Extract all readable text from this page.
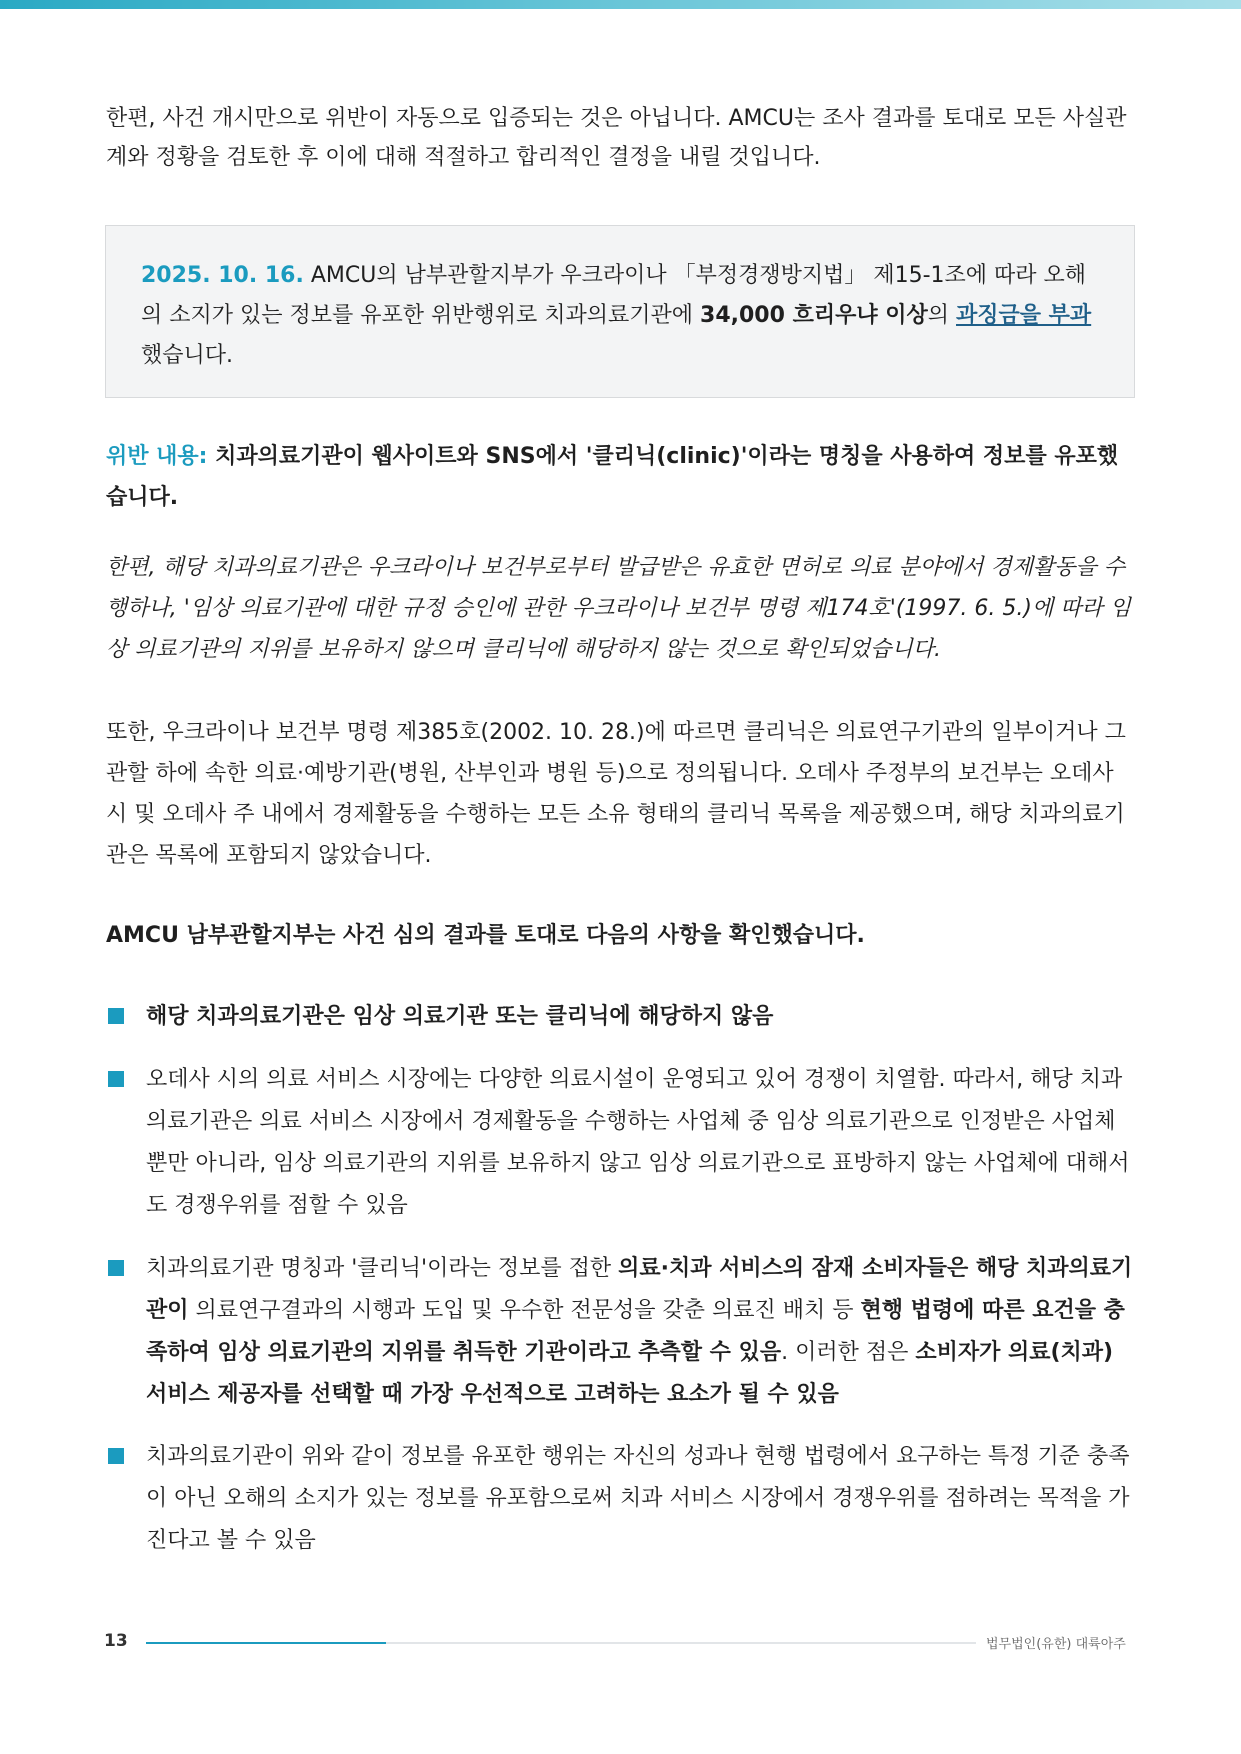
한편, 사건 개시만으로 위반이 자동으로 입증되는 것은 아닙니다. AMCU는 조사 결과를 토대로 모든 사실관계와 정황을 검토한 후 이에 대해 적절하고 합리적인 결정을 내릴 것입니다.

2025. 10. 16. AMCU의 남부관할지부가 우크라이나 「부정경쟁방지법」 제15-1조에 따라 오해의 소지가 있는 정보를 유포한 위반행위로 치과의료기관에 34,000 흐리우냐 이상의 과징금을 부과했습니다.

위반 내용: 치과의료기관이 웹사이트와 SNS에서 '클리닉(clinic)'이라는 명칭을 사용하여 정보를 유포했습니다.

한편, 해당 치과의료기관은 우크라이나 보건부로부터 발급받은 유효한 면허로 의료 분야에서 경제활동을 수행하나, '임상 의료기관에 대한 규정 승인에 관한 우크라이나 보건부 명령 제174호'(1997. 6. 5.)에 따라 임상 의료기관의 지위를 보유하지 않으며 클리닉에 해당하지 않는 것으로 확인되었습니다.

또한, 우크라이나 보건부 명령 제385호(2002. 10. 28.)에 따르면 클리닉은 의료연구기관의 일부이거나 그 관할 하에 속한 의료·예방기관(병원, 산부인과 병원 등)으로 정의됩니다. 오데사 주정부의 보건부는 오데사 시 및 오데사 주 내에서 경제활동을 수행하는 모든 소유 형태의 클리닉 목록을 제공했으며, 해당 치과의료기관은 목록에 포함되지 않았습니다.

AMCU 남부관할지부는 사건 심의 결과를 토대로 다음의 사항을 확인했습니다.

해당 치과의료기관은 임상 의료기관 또는 클리닉에 해당하지 않음

오데사 시의 의료 서비스 시장에는 다양한 의료시설이 운영되고 있어 경쟁이 치열함. 따라서, 해당 치과의료기관은 의료 서비스 시장에서 경제활동을 수행하는 사업체 중 임상 의료기관으로 인정받은 사업체뿐만 아니라, 임상 의료기관의 지위를 보유하지 않고 임상 의료기관으로 표방하지 않는 사업체에 대해서도 경쟁우위를 점할 수 있음

치과의료기관 명칭과 '클리닉'이라는 정보를 접한 의료·치과 서비스의 잠재 소비자들은 해당 치과의료기관이 의료연구결과의 시행과 도입 및 우수한 전문성을 갖춘 의료진 배치 등 현행 법령에 따른 요건을 충족하여 임상 의료기관의 지위를 취득한 기관이라고 추측할 수 있음. 이러한 점은 소비자가 의료(치과) 서비스 제공자를 선택할 때 가장 우선적으로 고려하는 요소가 될 수 있음

치과의료기관이 위와 같이 정보를 유포한 행위는 자신의 성과나 현행 법령에서 요구하는 특정 기준 충족이 아닌 오해의 소지가 있는 정보를 유포함으로써 치과 서비스 시장에서 경쟁우위를 점하려는 목적을 가진다고 볼 수 있음

13	법무법인(유한) 대륙아주
